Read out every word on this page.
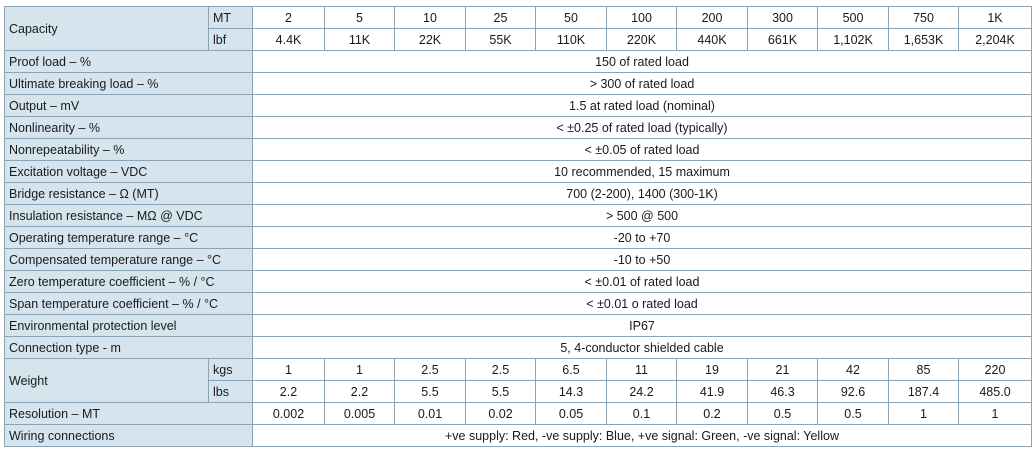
Capacity	MT	2	5	10	25	50	100	200	300	500	750	1K
	lbf	4.4K	11K	22K	55K	110K	220K	440K	661K	1,102K	1,653K	2,204K
Proof load – %		150 of rated load										
Ultimate breaking load – %		> 300 of rated load										
Output – mV		1.5 at rated load (nominal)										
Nonlinearity – %		< ±0.25 of rated load (typically)										
Nonrepeatability – %		< ±0.05 of rated load										
Excitation voltage – VDC		10 recommended, 15 maximum										
Bridge resistance – Ω (MT)		700 (2-200), 1400 (300-1K)										
Insulation resistance – MΩ @ VDC		> 500 @ 500										
Operating temperature range – °C		-20 to +70										
Compensated temperature range – °C		-10 to +50										
Zero temperature coefficient – % / °C		< ±0.01 of rated load										
Span temperature coefficient – % / °C		< ±0.01 o rated load										
Environmental protection level		IP67										
Connection type - m		5, 4-conductor shielded cable										
Weight	kgs	1	1	2.5	2.5	6.5	11	19	21	42	85	220
	lbs	2.2	2.2	5.5	5.5	14.3	24.2	41.9	46.3	92.6	187.4	485.0
Resolution – MT		0.002	0.005	0.01	0.02	0.05	0.1	0.2	0.5	0.5	1	1
Wiring connections		+ve supply: Red, -ve supply: Blue, +ve signal: Green, -ve signal: Yellow										
